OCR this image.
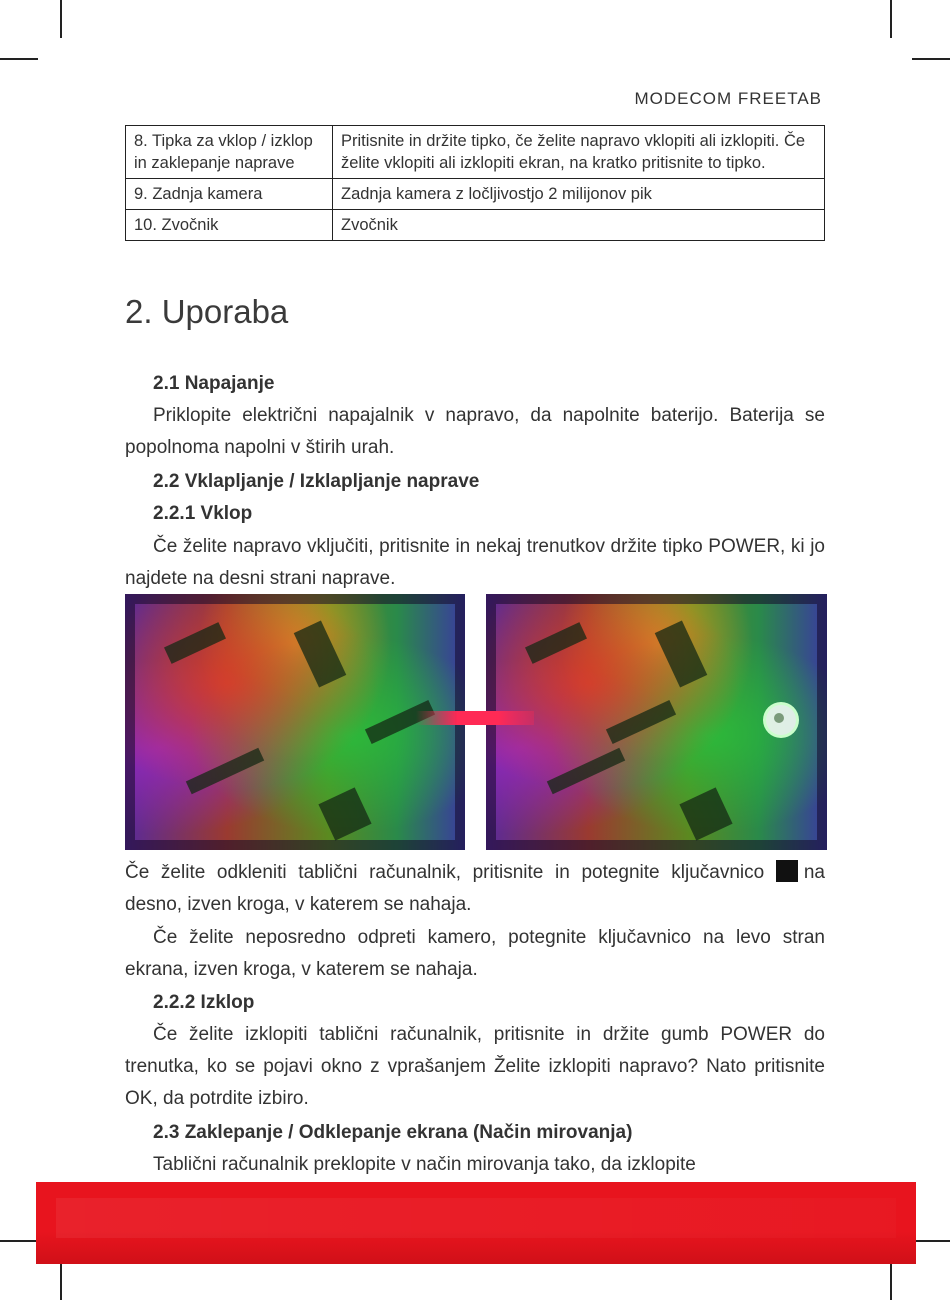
MODECOM FREETAB
8. Tipka za vklop / izklop in zaklepanje naprave	Pritisnite in držite tipko, če želite napravo vklopiti ali izklopiti. Če želite vklopiti ali izklopiti ekran, na kratko pritisnite to tipko.
9. Zadnja kamera	Zadnja kamera z ločljivostjo 2 milijonov pik
10. Zvočnik	Zvočnik
2. Uporaba
2.1 Napajanje
Priklopite električni napajalnik v napravo, da napolnite baterijo. Baterija se popolnoma napolni v štirih urah.
2.2 Vklapljanje / Izklapljanje naprave
2.2.1 Vklop
Če želite napravo vključiti, pritisnite in nekaj trenutkov držite tipko POWER, ki jo najdete na desni strani naprave.
Če želite odkleniti tablični računalnik, pritisnite in potegnite ključavnico na desno, izven kroga, v katerem se nahaja.
Če želite neposredno odpreti kamero, potegnite ključavnico na levo stran ekrana, izven kroga, v katerem se nahaja.
2.2.2 Izklop
Če želite izklopiti tablični računalnik, pritisnite in držite gumb POWER do trenutka, ko se pojavi okno z vprašanjem Želite izklopiti napravo? Nato pritisnite OK, da potrdite izbiro.
2.3 Zaklepanje / Odklepanje ekrana (Način mirovanja)
Tablični računalnik preklopite v način mirovanja tako, da izklopite
